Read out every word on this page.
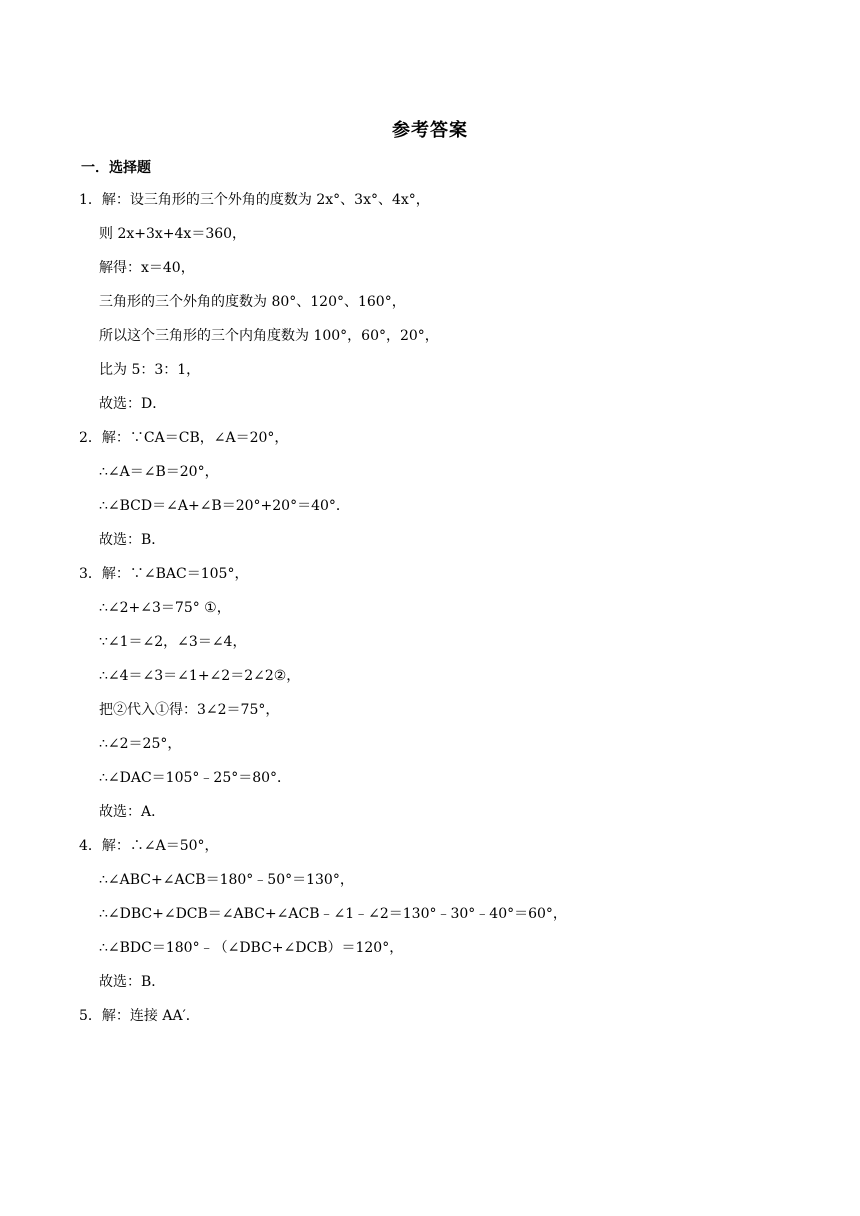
参考答案
一．选择题
1．解：设三角形的三个外角的度数为 2x°、3x°、4x°，
则 2x+3x+4x＝360，
解得：x＝40，
三角形的三个外角的度数为 80°、120°、160°，
所以这个三角形的三个内角度数为 100°，60°，20°，
比为 5：3：1，
故选：D．
2．解：∵CA＝CB，∠A＝20°，
∴∠A＝∠B＝20°，
∴∠BCD＝∠A+∠B＝20°+20°＝40°．
故选：B．
3．解：∵∠BAC＝105°，
∴∠2+∠3＝75° ①，
∵∠1＝∠2，∠3＝∠4，
∴∠4＝∠3＝∠1+∠2＝2∠2②，
把②代入①得：3∠2＝75°，
∴∠2＝25°，
∴∠DAC＝105°﹣25°＝80°．
故选：A．
4．解：∴∠A＝50°，
∴∠ABC+∠ACB＝180°﹣50°＝130°，
∴∠DBC+∠DCB＝∠ABC+∠ACB﹣∠1﹣∠2＝130°﹣30°﹣40°＝60°，
∴∠BDC＝180°﹣（∠DBC+∠DCB）＝120°，
故选：B．
5．解：连接 AA′．
